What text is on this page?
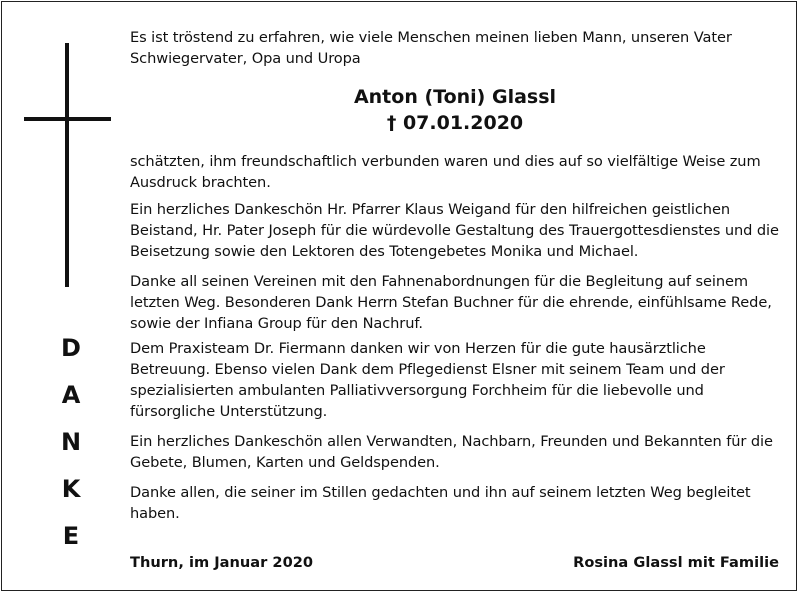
D
A
N
K
E

Es ist tröstend zu erfahren, wie viele Menschen meinen lieben Mann, unseren Vater Schwiegervater, Opa und Uropa

Anton (Toni) Glassl
† 07.01.2020

schätzten, ihm freundschaftlich verbunden waren und dies auf so vielfältige Weise zum Ausdruck brachten.

Ein herzliches Dankeschön Hr. Pfarrer Klaus Weigand für den hilfreichen geistlichen Beistand, Hr. Pater Joseph für die würdevolle Gestaltung des Trauergottesdienstes und die Beisetzung sowie den Lektoren des Totengebetes Monika und Michael.

Danke all seinen Vereinen mit den Fahnenabordnungen für die Begleitung auf seinem letzten Weg. Besonderen Dank Herrn Stefan Buchner für die ehrende, einfühlsame Rede, sowie der Infiana Group für den Nachruf.

Dem Praxisteam Dr. Fiermann danken wir von Herzen für die gute hausärztliche Betreuung. Ebenso vielen Dank dem Pflegedienst Elsner mit seinem Team und der spezialisierten ambulanten Palliativversorgung Forchheim für die liebevolle und fürsorgliche Unterstützung.

Ein herzliches Dankeschön allen Verwandten, Nachbarn, Freunden und Bekannten für die Gebete, Blumen, Karten und Geldspenden.

Danke allen, die seiner im Stillen gedachten und ihn auf seinem letzten Weg begleitet haben.

Thurn, im Januar 2020	Rosina Glassl mit Familie
